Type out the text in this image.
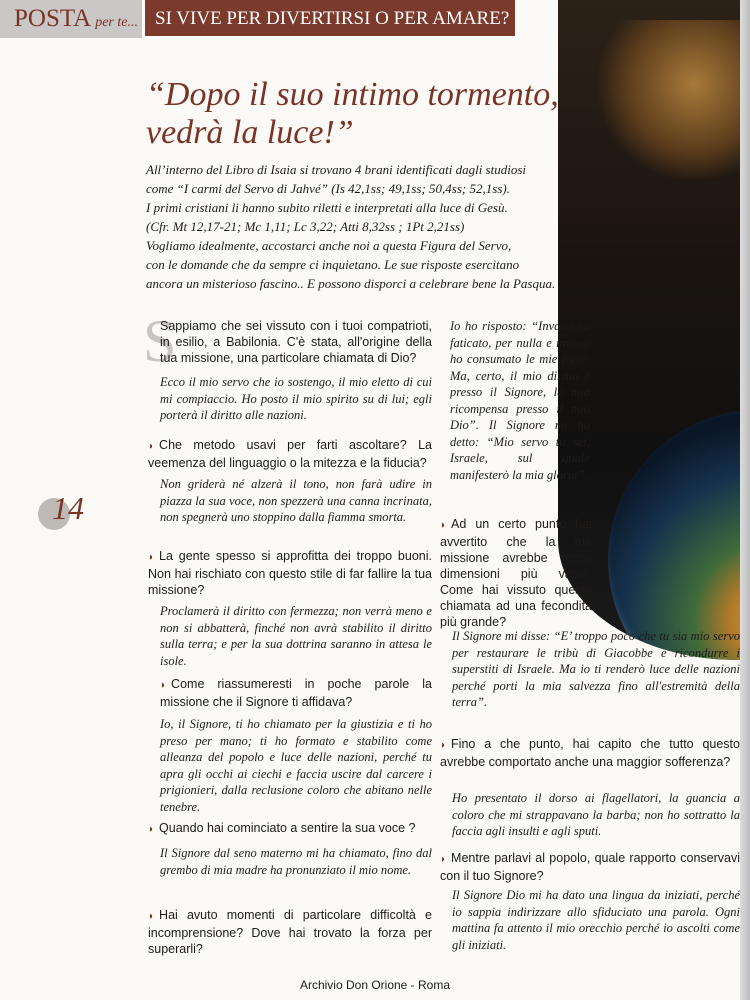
POSTA per te... SI VIVE PER DIVERTIRSI O PER AMARE?
“Dopo il suo intimo tormento,
vedrà la luce!”
All’interno del Libro di Isaia si trovano 4 brani identificati dagli studiosi
come “I carmi del Servo di Jahvé” (Is 42,1ss; 49,1ss; 50,4ss; 52,1ss).
I primi cristiani li hanno subito riletti e interpretati alla luce di Gesù.
(Cfr. Mt 12,17-21; Mc 1,11; Lc 3,22; Atti 8,32ss ; 1Pt 2,21ss)
Vogliamo idealmente, accostarci anche noi a questa Figura del Servo,
con le domande che da sempre ci inquietano. Le sue risposte esercitano
ancora un misterioso fascino.. E possono disporci a celebrare bene la Pasqua.
14
S
Sappiamo che sei vissuto con i tuoi compatrioti, in esilio, a Babilonia. C'è stata, all'origine della tua missione, una particolare chiamata di Dio?
Ecco il mio servo che io sostengo, il mio eletto di cui mi compiaccio. Ho posto il mio spirito su di lui; egli porterà il diritto alle nazioni.
◗ Che metodo usavi per farti ascoltare? La veemenza del linguaggio o la mitezza e la fiducia?
Non griderà né alzerà il tono, non farà udire in piazza la sua voce, non spezzerà una canna incrinata, non spegnerà uno stoppino dalla fiamma smorta.
◗ La gente spesso si approfitta dei troppo buoni. Non hai rischiato con questo stile di far fallire la tua missione?
Proclamerà il diritto con fermezza; non verrà meno e non si abbatterà, finché non avrà stabilito il diritto sulla terra; e per la sua dottrina saranno in attesa le isole.
◗ Come riassumeresti in poche parole la missione che il Signore ti affidava?
Io, il Signore, ti ho chiamato per la giustizia e ti ho preso per mano; ti ho formato e stabilito come alleanza del popolo e luce delle nazioni, perché tu apra gli occhi ai ciechi e faccia uscire dal carcere i prigionieri, dalla reclusione coloro che abitano nelle tenebre.
◗ Quando hai cominciato a sentire la sua voce ?
Il Signore dal seno materno mi ha chiamato, fino dal grembo di mia madre ha pronunziato il mio nome.
◗ Hai avuto momenti di particolare difficoltà e incomprensione? Dove hai trovato la forza per superarli?
Io ho risposto: “Invano ho faticato, per nulla e invano ho consumato le mie forze. Ma, certo, il mio diritto è presso il Signore, la mia ricompensa presso il mio Dio”. Il Signore mi ha detto: “Mio servo tu sei, Israele, sul quale manifesterò la mia gloria”.
◗ Ad un certo punto hai avvertito che la tua missione avrebbe preso dimensioni più vaste. Come hai vissuto questa chiamata ad una fecondità più grande?
Il Signore mi disse: “E’ troppo poco che tu sia mio servo per restaurare le tribù di Giacobbe e ricondurre i superstiti di Israele. Ma io ti renderò luce delle nazioni perché porti la mia salvezza fino all'estremità della terra”.
◗ Fino a che punto, hai capito che tutto questo avrebbe comportato anche una maggior sofferenza?
Ho presentato il dorso ai flagellatori, la guancia a coloro che mi strappavano la barba; non ho sottratto la faccia agli insulti e agli sputi.
◗ Mentre parlavi al popolo, quale rapporto conservavi con il tuo Signore?
Il Signore Dio mi ha dato una lingua da iniziati, perché io sappia indirizzare allo sfiduciato una parola. Ogni mattina fa attento il mio orecchio perché io ascolti come gli iniziati.
Archivio Don Orione - Roma
